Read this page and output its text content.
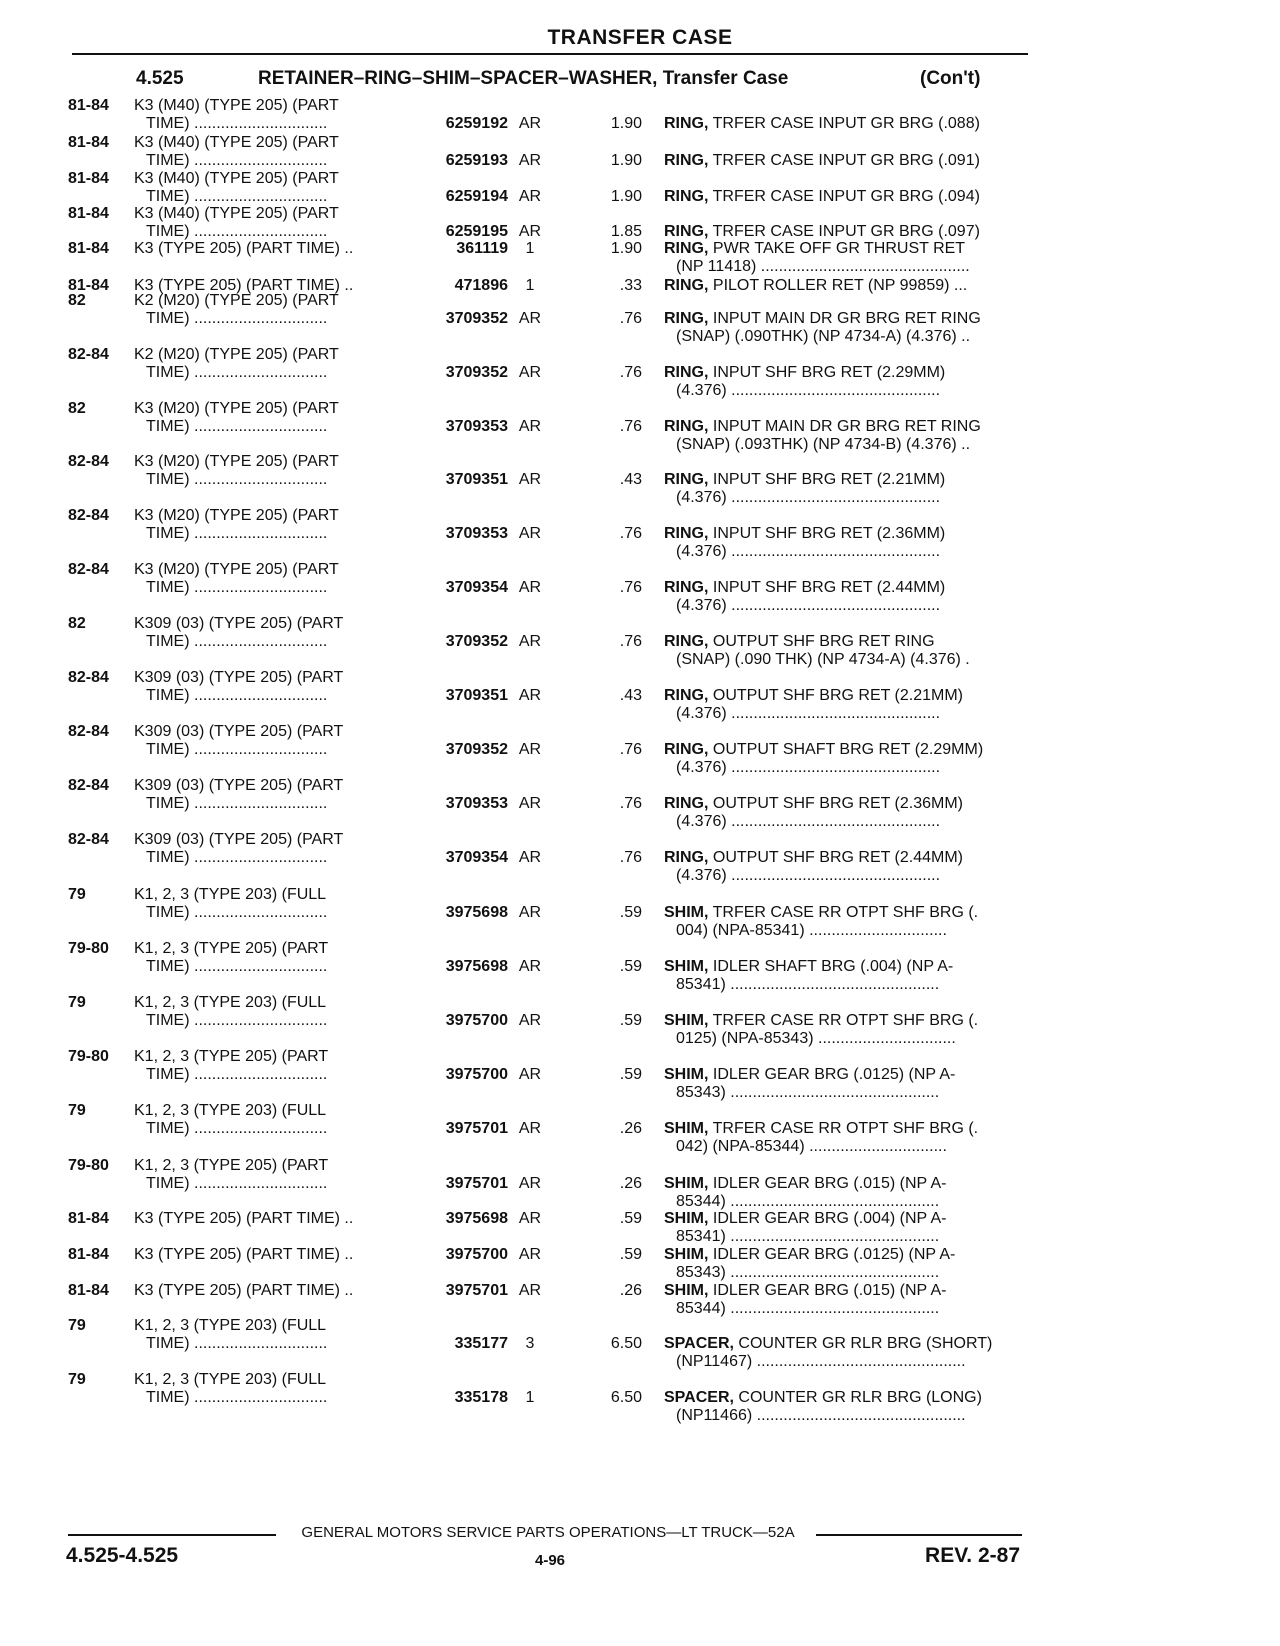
TRANSFER CASE
4.525	RETAINER–RING–SHIM–SPACER–WASHER, Transfer Case	(Con't)
81-84 K3 (M40) (TYPE 205) (PART
TIME) ..............................	6259192 AR	1.90 RING, TRFER CASE INPUT GR BRG (.088)
81-84 K3 (M40) (TYPE 205) (PART
TIME) ..............................	6259193 AR	1.90 RING, TRFER CASE INPUT GR BRG (.091)
81-84 K3 (M40) (TYPE 205) (PART
TIME) ..............................	6259194 AR	1.90 RING, TRFER CASE INPUT GR BRG (.094)
81-84 K3 (M40) (TYPE 205) (PART
TIME) ..............................	6259195 AR	1.85 RING, TRFER CASE INPUT GR BRG (.097)
81-84 K3 (TYPE 205) (PART TIME) ..	361119	1	1.90 RING, PWR TAKE OFF GR THRUST RET
(NP 11418) ...............................................
81-84 K3 (TYPE 205) (PART TIME) ..	471896	1	.33 RING, PILOT ROLLER RET (NP 99859) ...
82	K2 (M20) (TYPE 205) (PART
TIME) ..............................	3709352 AR	.76 RING, INPUT MAIN DR GR BRG RET RING
(SNAP) (.090THK) (NP 4734-A) (4.376) ..
82-84 K2 (M20) (TYPE 205) (PART
TIME) ..............................	3709352 AR	.76 RING, INPUT SHF BRG RET (2.29MM)
(4.376) ...............................................
82	K3 (M20) (TYPE 205) (PART
TIME) ..............................	3709353 AR	.76 RING, INPUT MAIN DR GR BRG RET RING
(SNAP) (.093THK) (NP 4734-B) (4.376) ..
82-84 K3 (M20) (TYPE 205) (PART
TIME) ..............................	3709351 AR	.43 RING, INPUT SHF BRG RET (2.21MM)
(4.376) ...............................................
82-84 K3 (M20) (TYPE 205) (PART
TIME) ..............................	3709353 AR	.76 RING, INPUT SHF BRG RET (2.36MM)
(4.376) ...............................................
82-84 K3 (M20) (TYPE 205) (PART
TIME) ..............................	3709354 AR	.76 RING, INPUT SHF BRG RET (2.44MM)
(4.376) ...............................................
82	K309 (03) (TYPE 205) (PART
TIME) ..............................	3709352 AR	.76 RING, OUTPUT SHF BRG RET RING
(SNAP) (.090 THK) (NP 4734-A) (4.376) .
82-84 K309 (03) (TYPE 205) (PART
TIME) ..............................	3709351 AR	.43 RING, OUTPUT SHF BRG RET (2.21MM)
(4.376) ...............................................
82-84 K309 (03) (TYPE 205) (PART
TIME) ..............................	3709352 AR	.76 RING, OUTPUT SHAFT BRG RET (2.29MM)
(4.376) ...............................................
82-84 K309 (03) (TYPE 205) (PART
TIME) ..............................	3709353 AR	.76 RING, OUTPUT SHF BRG RET (2.36MM)
(4.376) ...............................................
82-84 K309 (03) (TYPE 205) (PART
TIME) ..............................	3709354 AR	.76 RING, OUTPUT SHF BRG RET (2.44MM)
(4.376) ...............................................
79	K1, 2, 3 (TYPE 203) (FULL
TIME) ..............................	3975698 AR	.59 SHIM, TRFER CASE RR OTPT SHF BRG (.
004) (NPA-85341) ...............................
79-80 K1, 2, 3 (TYPE 205) (PART
TIME) ..............................	3975698 AR	.59 SHIM, IDLER SHAFT BRG (.004) (NP A-
85341) ...............................................
79	K1, 2, 3 (TYPE 203) (FULL
TIME) ..............................	3975700 AR	.59 SHIM, TRFER CASE RR OTPT SHF BRG (.
0125) (NPA-85343) ...............................
79-80 K1, 2, 3 (TYPE 205) (PART
TIME) ..............................	3975700 AR	.59 SHIM, IDLER GEAR BRG (.0125) (NP A-
85343) ...............................................
79	K1, 2, 3 (TYPE 203) (FULL
TIME) ..............................	3975701 AR	.26 SHIM, TRFER CASE RR OTPT SHF BRG (.
042) (NPA-85344) ...............................
79-80 K1, 2, 3 (TYPE 205) (PART
TIME) ..............................	3975701 AR	.26 SHIM, IDLER GEAR BRG (.015) (NP A-
85344) ...............................................
81-84 K3 (TYPE 205) (PART TIME) ..	3975698 AR	.59 SHIM, IDLER GEAR BRG (.004) (NP A-
85341) ...............................................
81-84 K3 (TYPE 205) (PART TIME) ..	3975700 AR	.59 SHIM, IDLER GEAR BRG (.0125) (NP A-
85343) ...............................................
81-84 K3 (TYPE 205) (PART TIME) ..	3975701 AR	.26 SHIM, IDLER GEAR BRG (.015) (NP A-
85344) ...............................................
79	K1, 2, 3 (TYPE 203) (FULL
TIME) ..............................	335177	3	6.50 SPACER, COUNTER GR RLR BRG (SHORT)
(NP11467) ...............................................
79	K1, 2, 3 (TYPE 203) (FULL
TIME) ..............................	335178	1	6.50 SPACER, COUNTER GR RLR BRG (LONG)
(NP11466) ...............................................
GENERAL MOTORS SERVICE PARTS OPERATIONS—LT TRUCK—52A
4.525-4.525	4-96	REV. 2-87
